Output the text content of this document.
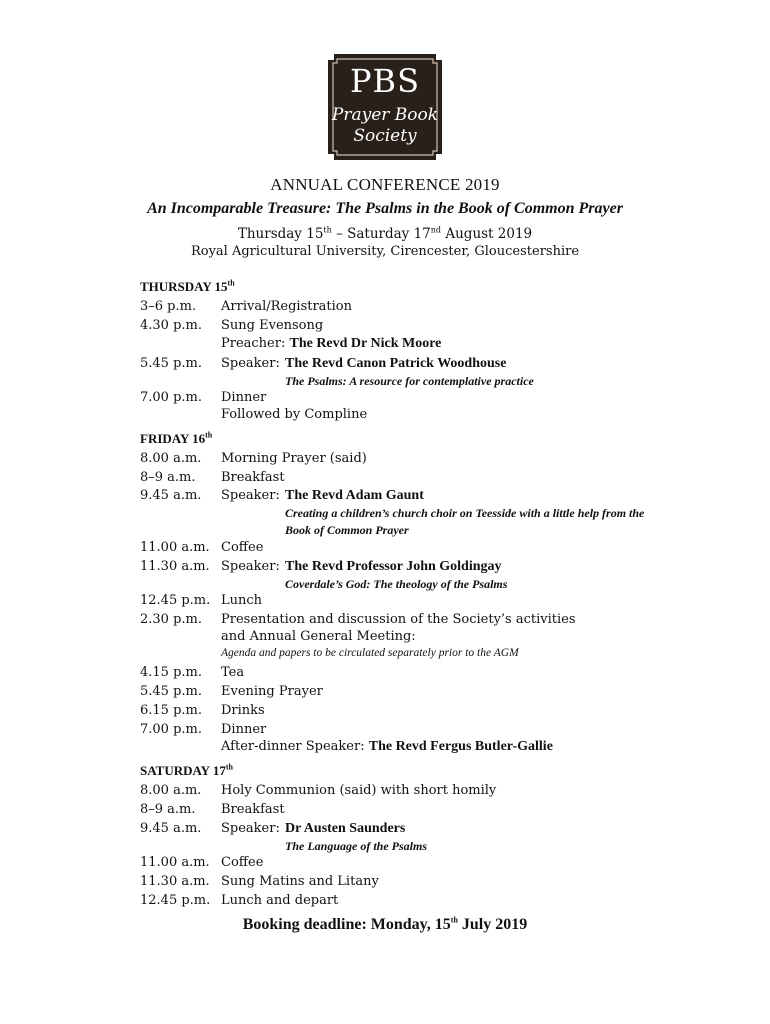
PBS
Prayer Book
Society
ANNUAL CONFERENCE 2019
An Incomparable Treasure: The Psalms in the Book of Common Prayer
Thursday 15th – Saturday 17nd August 2019
Royal Agricultural University, Cirencester, Gloucestershire
THURSDAY 15th
3–6 p.m. Arrival/Registration
4.30 p.m. Sung Evensong
Preacher: The Revd Dr Nick Moore
5.45 p.m. Speaker: The Revd Canon Patrick Woodhouse
The Psalms: A resource for contemplative practice
7.00 p.m. Dinner
Followed by Compline
FRIDAY 16th
8.00 a.m. Morning Prayer (said)
8–9 a.m. Breakfast
9.45 a.m. Speaker: The Revd Adam Gaunt
Creating a children’s church choir on Teesside with a little help from the
Book of Common Prayer
11.00 a.m. Coffee
11.30 a.m. Speaker: The Revd Professor John Goldingay
Coverdale’s God: The theology of the Psalms
12.45 p.m. Lunch
2.30 p.m. Presentation and discussion of the Society’s activities
and Annual General Meeting:
Agenda and papers to be circulated separately prior to the AGM
4.15 p.m. Tea
5.45 p.m. Evening Prayer
6.15 p.m. Drinks
7.00 p.m. Dinner
After-dinner Speaker: The Revd Fergus Butler-Gallie
SATURDAY 17th
8.00 a.m. Holy Communion (said) with short homily
8–9 a.m. Breakfast
9.45 a.m. Speaker: Dr Austen Saunders
The Language of the Psalms
11.00 a.m. Coffee
11.30 a.m. Sung Matins and Litany
12.45 p.m. Lunch and depart
Booking deadline: Monday, 15th July 2019
